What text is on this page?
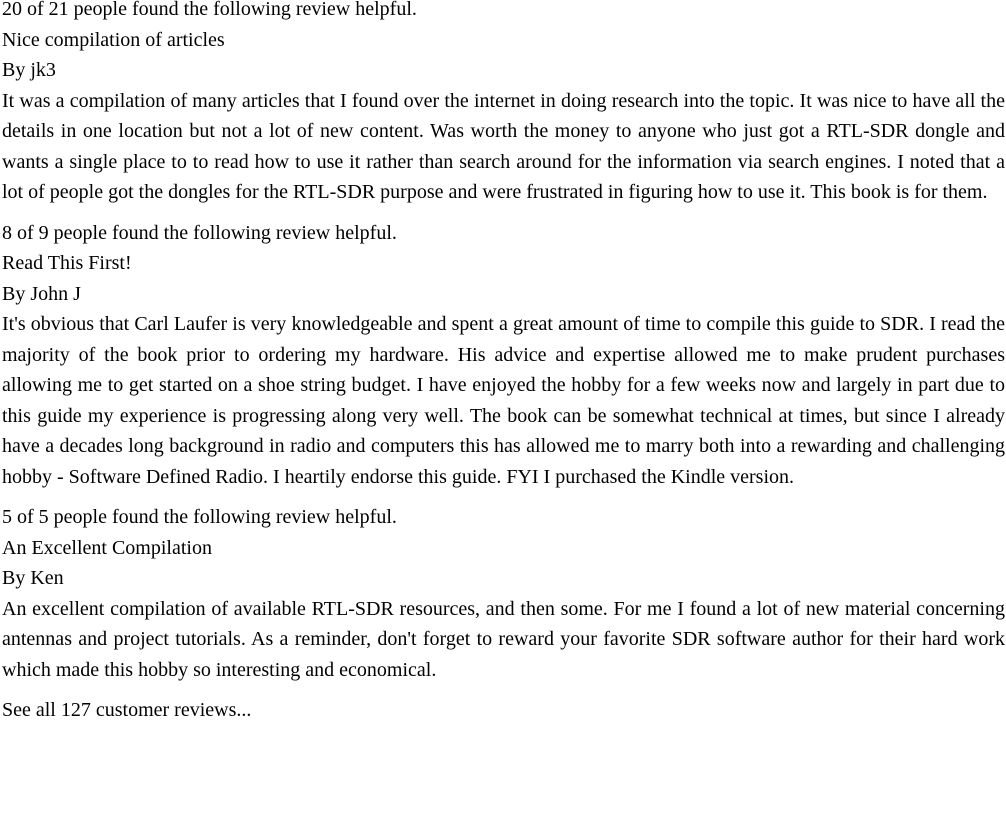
20 of 21 people found the following review helpful.
Nice compilation of articles
By jk3
It was a compilation of many articles that I found over the internet in doing research into the topic. It was nice to have all the details in one location but not a lot of new content. Was worth the money to anyone who just got a RTL-SDR dongle and wants a single place to to read how to use it rather than search around for the information via search engines. I noted that a lot of people got the dongles for the RTL-SDR purpose and were frustrated in figuring how to use it. This book is for them.
8 of 9 people found the following review helpful.
Read This First!
By John J
It's obvious that Carl Laufer is very knowledgeable and spent a great amount of time to compile this guide to SDR. I read the majority of the book prior to ordering my hardware. His advice and expertise allowed me to make prudent purchases allowing me to get started on a shoe string budget. I have enjoyed the hobby for a few weeks now and largely in part due to this guide my experience is progressing along very well. The book can be somewhat technical at times, but since I already have a decades long background in radio and computers this has allowed me to marry both into a rewarding and challenging hobby - Software Defined Radio. I heartily endorse this guide. FYI I purchased the Kindle version.
5 of 5 people found the following review helpful.
An Excellent Compilation
By Ken
An excellent compilation of available RTL-SDR resources, and then some. For me I found a lot of new material concerning antennas and project tutorials. As a reminder, don't forget to reward your favorite SDR software author for their hard work which made this hobby so interesting and economical.
See all 127 customer reviews...
